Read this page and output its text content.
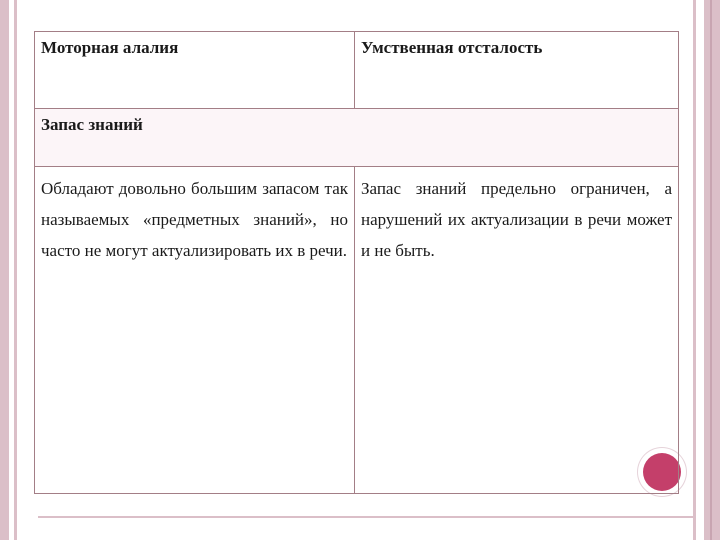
Моторная алалия	Умственная отсталость
Запас знаний	
Обладают довольно большим запасом так называемых «предметных знаний», но часто не могут актуализировать их в речи.	Запас знаний предельно ограничен, а нарушений их актуализации в речи может и не быть.
